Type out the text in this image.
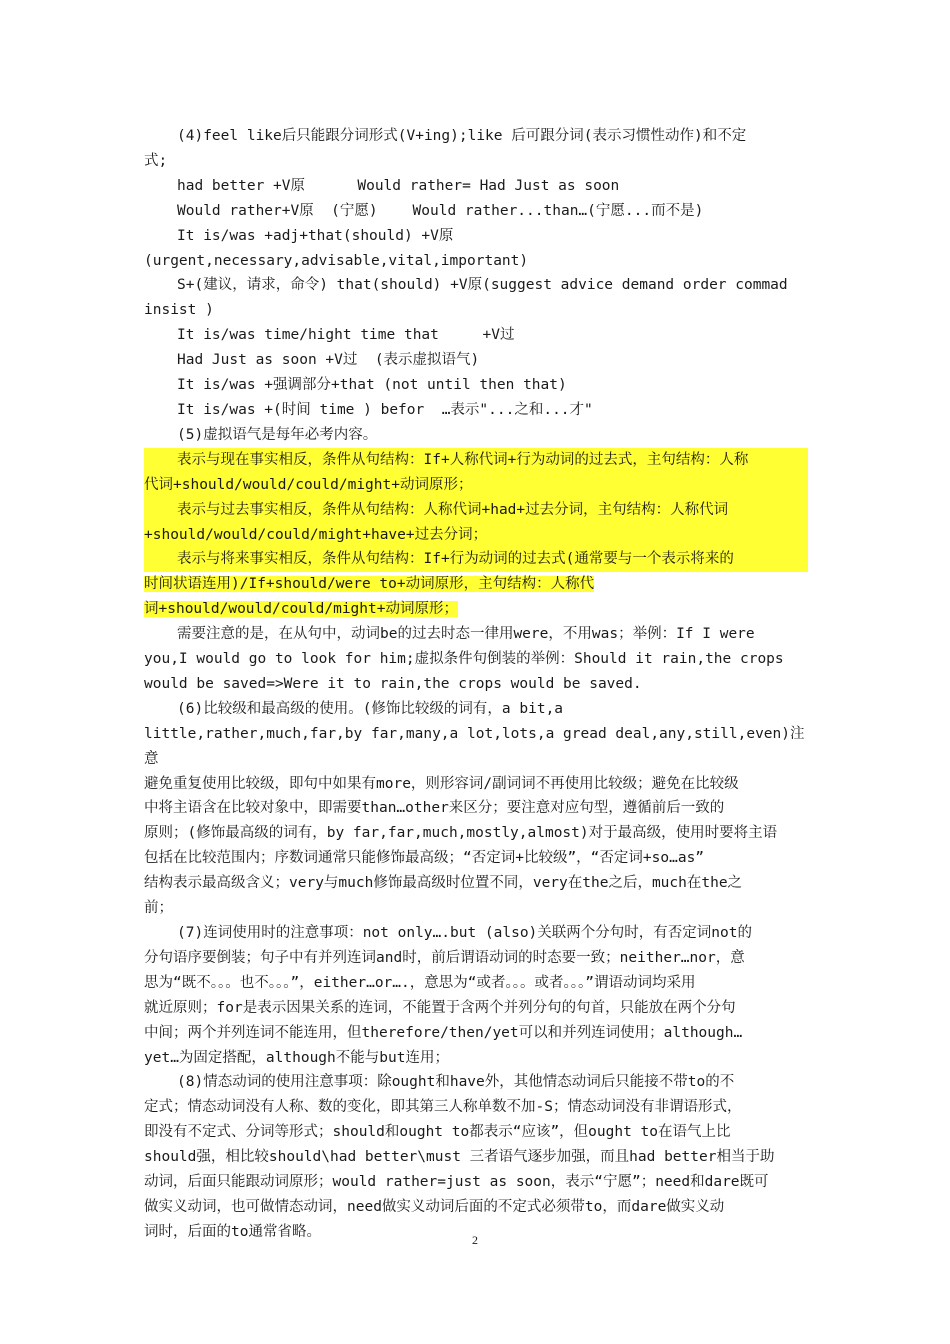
(4)feel like后只能跟分词形式(V+ing);like 后可跟分词(表示习惯性动作)和不定

式;

had better +V原      Would rather= Had Just as soon

Would rather+V原  (宁愿)    Would rather...than…(宁愿...而不是)

It is/was +adj+that(should) +V原

(urgent,necessary,advisable,vital,important)

S+(建议，请求，命令) that(should) +V原(suggest advice demand order commad

insist )

It is/was time/hight time that     +V过

Had Just as soon +V过  (表示虚拟语气)

It is/was +强调部分+that (not until then that)

It is/was +(时间 time ) befor  …表示"...之和...才"

(5)虚拟语气是每年必考内容。

表示与现在事实相反，条件从句结构：If+人称代词+行为动词的过去式，主句结构：人称

代词+should/would/could/might+动词原形；

表示与过去事实相反，条件从句结构：人称代词+had+过去分词，主句结构：人称代词

+should/would/could/might+have+过去分词；

表示与将来事实相反，条件从句结构：If+行为动词的过去式(通常要与一个表示将来的

时间状语连用)/If+should/were to+动词原形，主句结构：人称代

词+should/would/could/might+动词原形；

需要注意的是，在从句中，动词be的过去时态一律用were，不用was；举例：If I were

you,I would go to look for him;虚拟条件句倒装的举例：Should it rain,the crops

would be saved=>Were it to rain,the crops would be saved.

(6)比较级和最高级的使用。(修饰比较级的词有，a bit,a

little,rather,much,far,by far,many,a lot,lots,a gread deal,any,still,even)注意

避免重复使用比较级，即句中如果有more，则形容词/副词词不再使用比较级；避免在比较级

中将主语含在比较对象中，即需要than…other来区分；要注意对应句型，遵循前后一致的

原则；(修饰最高级的词有，by far,far,much,mostly,almost)对于最高级，使用时要将主语

包括在比较范围内；序数词通常只能修饰最高级；“否定词+比较级”，“否定词+so…as”

结构表示最高级含义；very与much修饰最高级时位置不同，very在the之后，much在the之

前；

(7)连词使用时的注意事项：not only….but (also)关联两个分句时，有否定词not的

分句语序要倒装；句子中有并列连词and时，前后谓语动词的时态要一致；neither…nor，意

思为“既不。。。也不。。。”，either…or….，意思为“或者。。。或者。。。”谓语动词均采用

就近原则；for是表示因果关系的连词，不能置于含两个并列分句的句首，只能放在两个分句

中间；两个并列连词不能连用，但therefore/then/yet可以和并列连词使用；although…

yet…为固定搭配，although不能与but连用；

(8)情态动词的使用注意事项：除ought和have外，其他情态动词后只能接不带to的不

定式；情态动词没有人称、数的变化，即其第三人称单数不加-S；情态动词没有非谓语形式，

即没有不定式、分词等形式；should和ought to都表示“应该”，但ought to在语气上比

should强，相比较should\had better\must 三者语气逐步加强，而且had better相当于助

动词，后面只能跟动词原形；would rather=just as soon，表示“宁愿”；need和dare既可

做实义动词，也可做情态动词，need做实义动词后面的不定式必须带to，而dare做实义动

词时，后面的to通常省略。

2
